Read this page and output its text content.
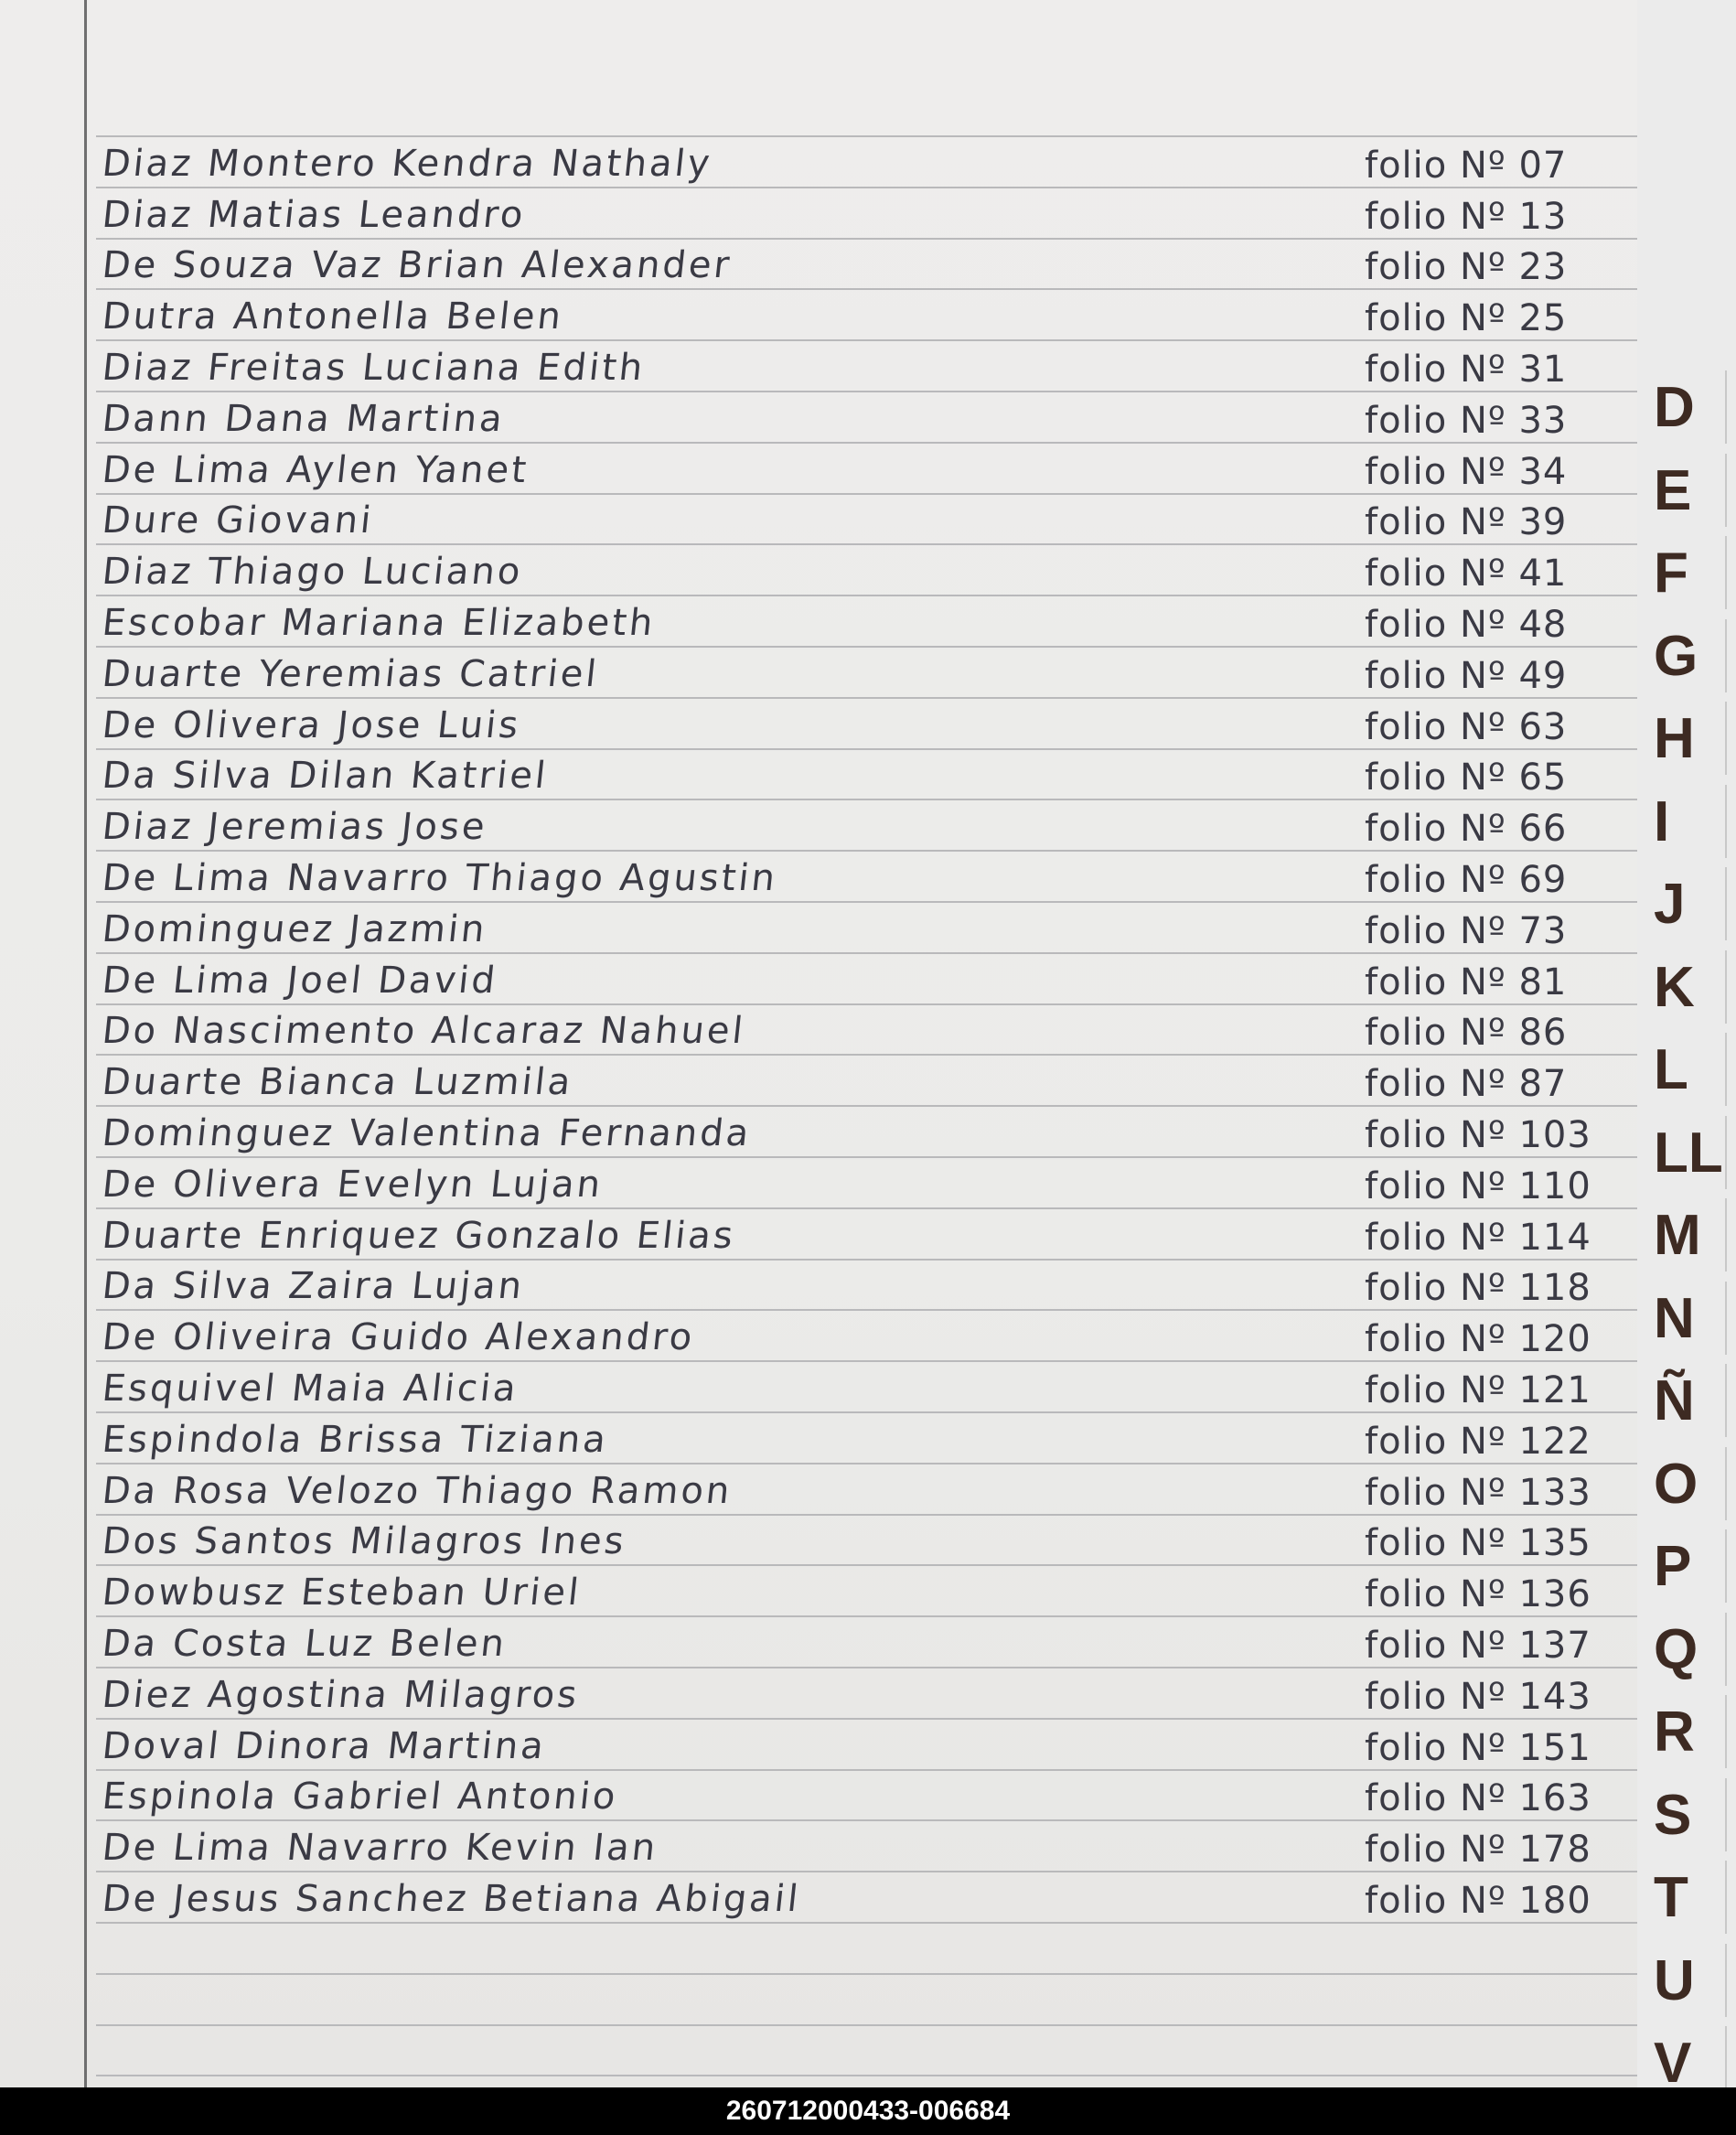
Diaz Montero Kendra Nathaly	folio Nº 07
Diaz Matias Leandro	folio Nº 13
De Souza Vaz Brian Alexander	folio Nº 23
Dutra Antonella Belen	folio Nº 25
Diaz Freitas Luciana Edith	folio Nº 31
Dann Dana Martina	folio Nº 33
De Lima Aylen Yanet	folio Nº 34
Dure Giovani	folio Nº 39
Diaz Thiago Luciano	folio Nº 41
Escobar Mariana Elizabeth	folio Nº 48
Duarte Yeremias Catriel	folio Nº 49
De Olivera Jose Luis	folio Nº 63
Da Silva Dilan Katriel	folio Nº 65
Diaz Jeremias Jose	folio Nº 66
De Lima Navarro Thiago Agustin	folio Nº 69
Dominguez Jazmin	folio Nº 73
De Lima Joel David	folio Nº 81
Do Nascimento Alcaraz Nahuel	folio Nº 86
Duarte Bianca Luzmila	folio Nº 87
Dominguez Valentina Fernanda	folio Nº 103
De Olivera Evelyn Lujan	folio Nº 110
Duarte Enriquez Gonzalo Elias	folio Nº 114
Da Silva Zaira Lujan	folio Nº 118
De Oliveira Guido Alexandro	folio Nº 120
Esquivel Maia Alicia	folio Nº 121
Espindola Brissa Tiziana	folio Nº 122
Da Rosa Velozo Thiago Ramon	folio Nº 133
Dos Santos Milagros Ines	folio Nº 135
Dowbusz Esteban Uriel	folio Nº 136
Da Costa Luz Belen	folio Nº 137
Diez Agostina Milagros	folio Nº 143
Doval Dinora Martina	folio Nº 151
Espinola Gabriel Antonio	folio Nº 163
De Lima Navarro Kevin Ian	folio Nº 178
De Jesus Sanchez Betiana Abigail	folio Nº 180
D
E
F
G
H
I
J
K
L
LL
M
N
Ñ
O
P
Q
R
S
T
U
V
260712000433-006684
